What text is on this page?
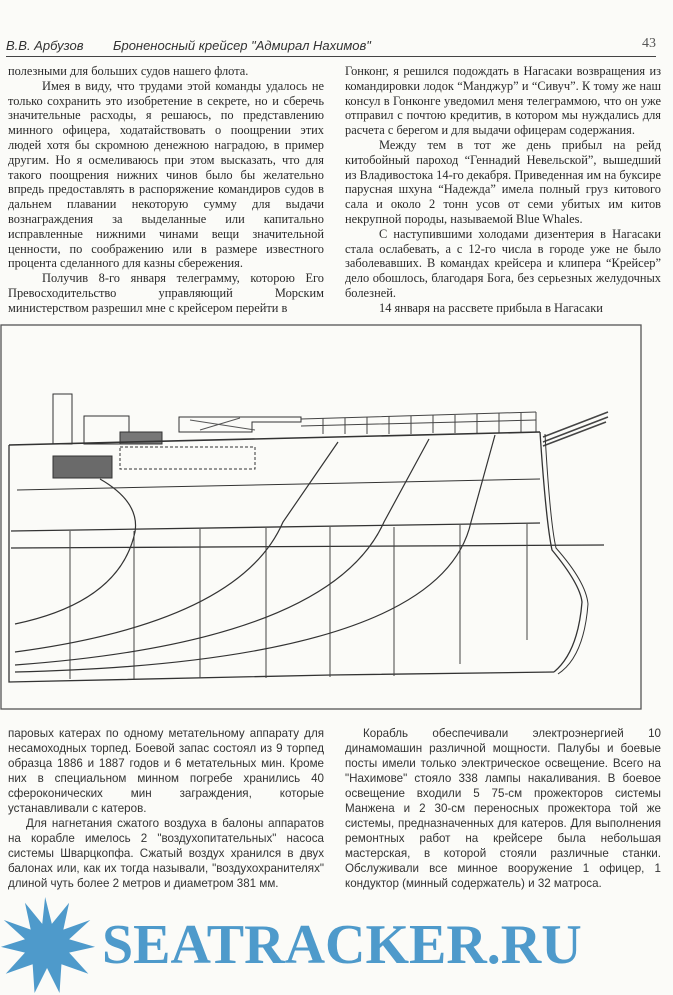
В.В. Арбузов Броненосный крейсер "Адмирал Нахимов"	43

полезными для больших судов нашего флота.

Имея в виду, что трудами этой команды удалось не только сохранить это изобретение в секрете, но и сберечь значительные расходы, я решаюсь, по представлению минного офицера, ходатайствовать о поощрении этих людей хотя бы скромною денежною наградою, в пример другим. Но я осмеливаюсь при этом высказать, что для такого поощрения нижних чинов было бы желательно впредь предоставлять в распоряжение командиров судов в дальнем плавании некоторую сумму для выдачи вознаграждения за выделанные или капитально исправленные нижними чинами вещи значительной ценности, по соображению или в размере известного процента сделанного для казны сбережения.

Получив 8-го января телеграмму, которою Его Превосходительство управляющий Морским министерством разрешил мне с крейсером перейти в

Гонконг, я решился подождать в Нагасаки возвращения из командировки лодок “Манджур” и “Сивуч”. К тому же наш консул в Гонконге уведомил меня телеграммою, что он уже отправил с почтою кредитив, в котором мы нуждались для расчета с берегом и для выдачи офицерам содержания.

Между тем в тот же день прибыл на рейд китобойный пароход “Геннадий Невельской”, вышедший из Владивостока 14-го декабря. Приведенная им на буксире парусная шхуна “Надежда” имела полный груз китового сала и около 2 тонн усов от семи убитых им китов некрупной породы, называемой Blue Whales.

С наступившими холодами дизентерия в Нагасаки стала ослабевать, а с 12-го числа в городе уже не было заболевавших. В командах крейсера и клипера “Крейсер” дело обошлось, благодаря Бога, без серьезных желудочных болезней.

14 января на рассвете прибыла в Нагасаки

паровых катерах по одному метательному аппарату для несамоходных торпед. Боевой запас состоял из 9 торпед образца 1886 и 1887 годов и 6 метательных мин. Кроме них в специальном минном погребе хранились 40 сфероконических мин заграждения, которые устанавливали с катеров.

Для нагнетания сжатого воздуха в балоны аппаратов на корабле имелось 2 "воздухопитательных" насоса системы Шварцкопфа. Сжатый воздух хранился в двух балонах или, как их тогда называли, "воздухохранителях" длиной чуть более 2 метров и диаметром 381 мм.

Корабль обеспечивали электроэнергией 10 динамомашин различной мощности. Палубы и боевые посты имели только электрическое освещение. Всего на "Нахимове" стояло 338 лампы накаливания. В боевое освещение входили 5 75-см прожекторов системы Манжена и 2 30-см переносных прожектора той же системы, предназначенных для катеров. Для выполнения ремонтных работ на крейсере была небольшая мастерская, в которой стояли различные станки. Обслуживали все минное вооружение 1 офицер, 1 кондуктор (минный содержатель) и 32 матроса.

SEATRACKER.RU
